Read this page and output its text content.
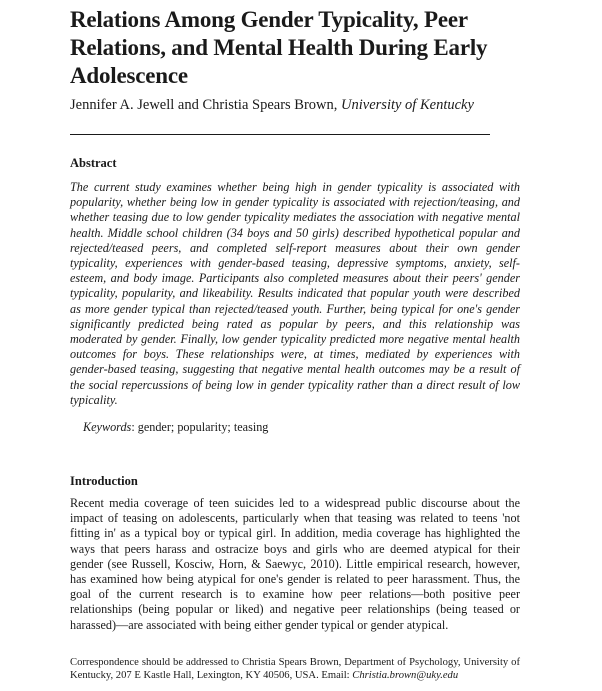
Relations Among Gender Typicality, Peer Relations, and Mental Health During Early Adolescence
Jennifer A. Jewell and Christia Spears Brown, University of Kentucky
Abstract
The current study examines whether being high in gender typicality is associated with popularity, whether being low in gender typicality is associated with rejection/teasing, and whether teasing due to low gender typicality mediates the association with negative mental health. Middle school children (34 boys and 50 girls) described hypothetical popular and rejected/teased peers, and completed self-report measures about their own gender typicality, experiences with gender-based teasing, depressive symptoms, anxiety, self-esteem, and body image. Participants also completed measures about their peers' gender typicality, popularity, and likeability. Results indicated that popular youth were described as more gender typical than rejected/teased youth. Further, being typical for one's gender significantly predicted being rated as popular by peers, and this relationship was moderated by gender. Finally, low gender typicality predicted more negative mental health outcomes for boys. These relationships were, at times, mediated by experiences with gender-based teasing, suggesting that negative mental health outcomes may be a result of the social repercussions of being low in gender typicality rather than a direct result of low typicality.
Keywords: gender; popularity; teasing
Introduction
Recent media coverage of teen suicides led to a widespread public discourse about the impact of teasing on adolescents, particularly when that teasing was related to teens 'not fitting in' as a typical boy or typical girl. In addition, media coverage has highlighted the ways that peers harass and ostracize boys and girls who are deemed atypical for their gender (see Russell, Kosciw, Horn, & Saewyc, 2010). Little empirical research, however, has examined how being atypical for one's gender is related to peer harassment. Thus, the goal of the current research is to examine how peer relations—both positive peer relationships (being popular or liked) and negative peer relationships (being teased or harassed)—are associated with being either gender typical or gender atypical.
Correspondence should be addressed to Christia Spears Brown, Department of Psychology, University of Kentucky, 207 E Kastle Hall, Lexington, KY 40506, USA. Email: Christia.brown@uky.edu
